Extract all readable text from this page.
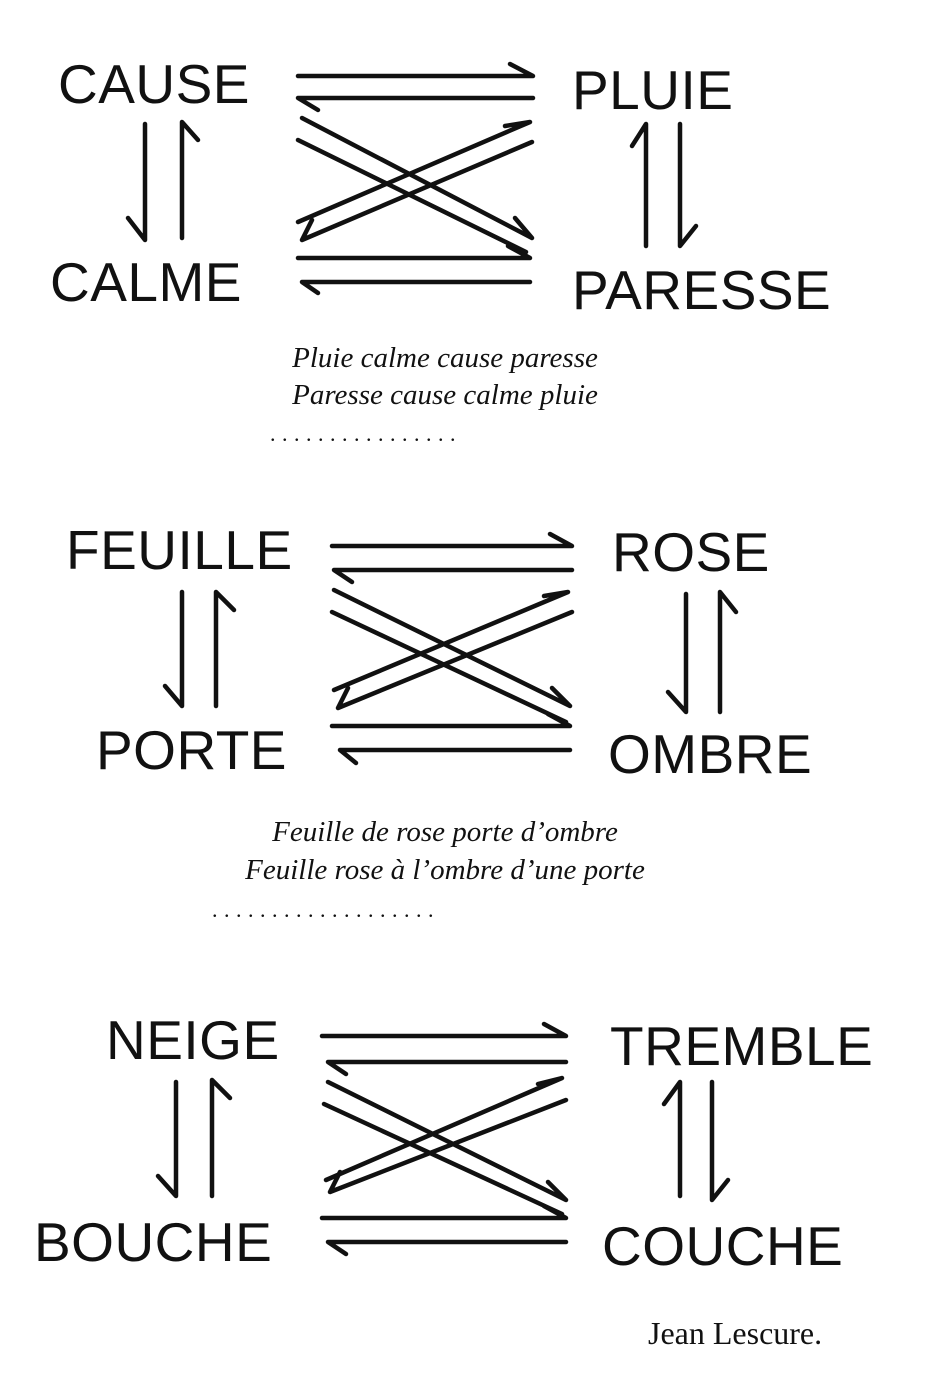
CAUSE	PLUIE

CALME	PARESSE

Pluie calme cause paresse

Paresse cause calme pluie

................

FEUILLE	ROSE

PORTE	OMBRE

Feuille de rose porte d’ombre

Feuille rose à l’ombre d’une porte

...................

NEIGE	TREMBLE

BOUCHE	COUCHE

Jean Lescure.
